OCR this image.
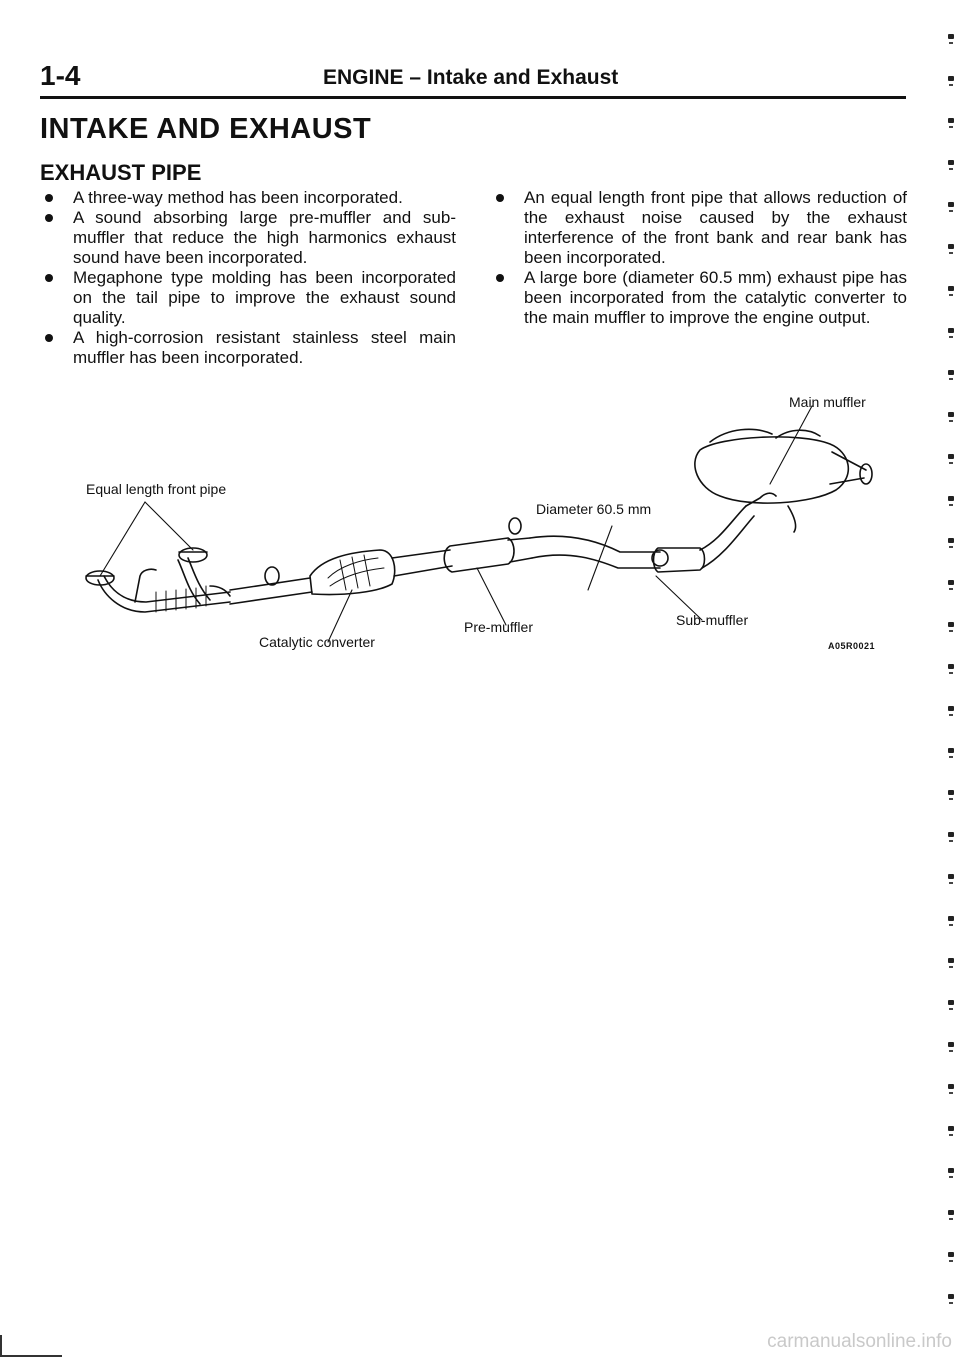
1-4	ENGINE – Intake and Exhaust
INTAKE AND EXHAUST
EXHAUST PIPE
A three-way method has been incorporated.
A sound absorbing large pre-muffler and sub-muffler that reduce the high harmonics exhaust sound have been incorporated.
Megaphone type molding has been incorporated on the tail pipe to improve the exhaust sound quality.
A high-corrosion resistant stainless steel main muffler has been incorporated.
An equal length front pipe that allows reduction of the exhaust noise caused by the exhaust interference of the front bank and rear bank has been incorporated.
A large bore (diameter 60.5 mm) exhaust pipe has been incorporated from the catalytic converter to the main muffler to improve the engine output.
Main muffler
Equal length front pipe
Diameter 60.5 mm
Catalytic converter
Pre-muffler	Sub-muffler
A05R0021
carmanualsonline.info
